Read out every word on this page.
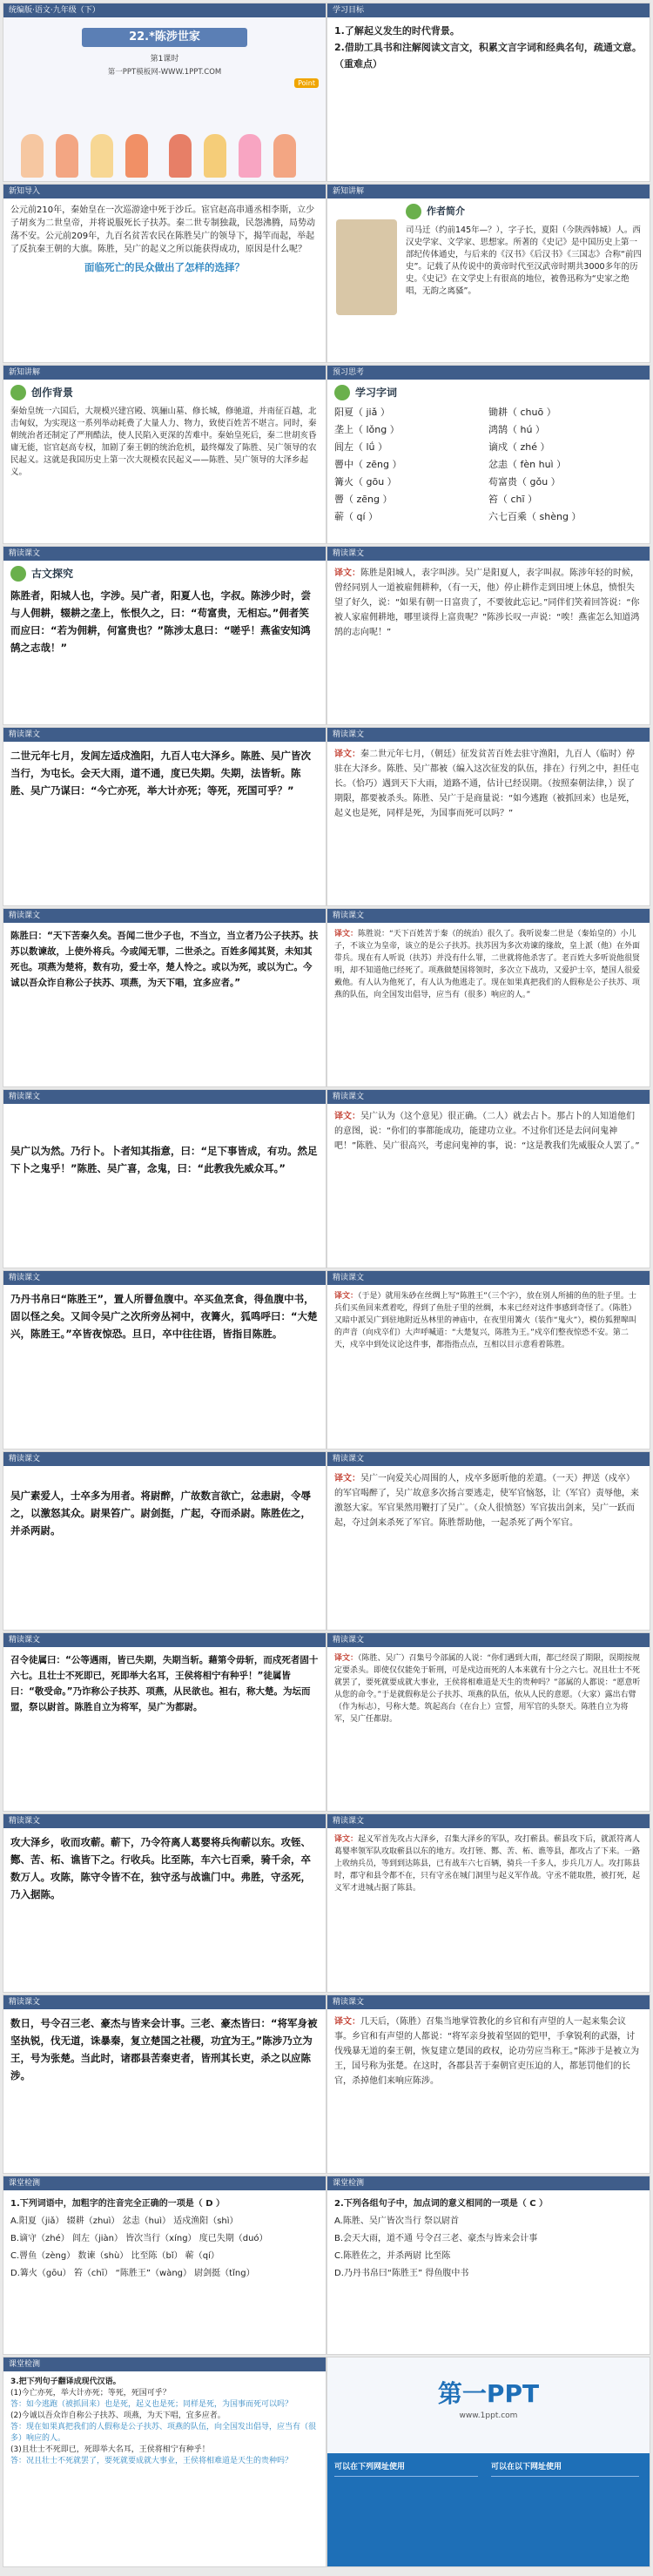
统编版·语文·九年级（下）
22.*陈涉世家
第1课时
第一PPT模板网-WWW.1PPT.COM
Point
学习目标

1.了解起义发生的时代背景。

2.借助工具书和注解阅读文言文，积累文言字词和经典名句，疏通文意。（重难点）

新知导入

公元前210年，秦始皇在一次巡游途中死于沙丘。宦官赵高串通丞相李斯，立少子胡亥为二世皇帝，并将说服死长子扶苏。秦二世专制独裁，民怨沸腾，局势动荡不安。公元前209年，九百名贫苦农民在陈胜吴广的领导下，揭竿而起，举起了反抗秦王朝的大旗。陈胜，吴广的起义之所以能获得成功，原因是什么呢？

面临死亡的民众做出了怎样的选择？

新知讲解
作者简介

司马迁（约前145年—？），字子长，夏阳（今陕西韩城）人。西汉史学家、文学家、思想家。所著的《史记》是中国历史上第一部纪传体通史，与后来的《汉书》《后汉书》《三国志》合称“前四史”。记载了从传说中的黄帝时代至汉武帝时期共3000多年的历史。《史记》在文学史上有很高的地位，被鲁迅称为“史家之绝唱，无韵之离骚”。

新知讲解
创作背景

秦始皇统一六国后，大规模兴建宫殿、筑骊山墓、修长城，修驰道，并南征百越，北击匈奴，为实现这一系列举动耗费了大量人力、物力，致使百姓苦不堪言。同时，秦朝统治者还制定了严刑酷法，使人民陷入更深的苦难中。秦始皇死后，秦二世胡亥昏庸无能，宦官赵高专权，加剧了秦王朝的统治危机，最终爆发了陈胜、吴广领导的农民起义。这就是我国历史上第一次大规模农民起义——陈胜、吴广领导的大泽乡起义。

预习思考
学习字词
阳夏（ jiǎ ）	锄耕（ chuō ）
垄上（ lǒng ）	鸿鹄（ hú ）
闾左（ lǘ ）	谪戍（ zhé ）
罾中（ zēng ）	忿恚（ fèn huì ）
篝火（ gōu ）	苟富贵（ gǒu ）
罾（ zēng ）	笞（ chī ）
蕲（ qí ）	六七百乘（ shèng ）
精读课文
古文探究

陈胜者，阳城人也，字涉。吴广者，阳夏人也，字叔。陈涉少时，尝与人佣耕，辍耕之垄上，怅恨久之，曰：“苟富贵，无相忘。”佣者笑而应曰：“若为佣耕，何富贵也？”陈涉太息曰：“嗟乎！燕雀安知鸿鹄之志哉！”

精读课文
译文：陈胜是阳城人，表字叫涉。吴广是阳夏人，表字叫叔。陈涉年轻的时候，曾经同别人一道被雇佣耕种，（有一天，他）停止耕作走到田埂上休息，愤恨失望了好久，说：“如果有朝一日富贵了，不要彼此忘记。”同伴们笑着回答说：“你被人家雇佣耕地，哪里谈得上富贵呢？”陈涉长叹一声说：“唉！燕雀怎么知道鸿鹄的志向呢！”
精读课文

二世元年七月，发闾左适戍渔阳，九百人屯大泽乡。陈胜、吴广皆次当行，为屯长。会天大雨，道不通，度已失期。失期，法皆斩。陈胜、吴广乃谋曰：“今亡亦死，举大计亦死；等死，死国可乎？”

精读课文
译文：秦二世元年七月，（朝廷）征发贫苦百姓去驻守渔阳，九百人（临时）停驻在大泽乡。陈胜、吴广都被（编入这次征发的队伍，排在）行列之中，担任屯长。（恰巧）遇到天下大雨，道路不通，估计已经误期。（按照秦朝法律，）误了期限，都要被杀头。陈胜、吴广于是商量说：“如今逃跑（被抓回来）也是死，起义也是死，同样是死，为国事而死可以吗？”
精读课文

陈胜曰：“天下苦秦久矣。吾闻二世少子也，不当立，当立者乃公子扶苏。扶苏以数谏故，上使外将兵。今或闻无罪，二世杀之。百姓多闻其贤，未知其死也。项燕为楚将，数有功，爱士卒，楚人怜之。或以为死，或以为亡。今诚以吾众诈自称公子扶苏、项燕，为天下唱，宜多应者。”

精读课文
译文：陈胜说：“天下百姓苦于秦（的统治）很久了。我听说秦二世是（秦始皇的）小儿子，不该立为皇帝，该立的是公子扶苏。扶苏因为多次劝谏的缘故，皇上派（他）在外面带兵。现在有人听说（扶苏）并没有什么罪，二世就将他杀害了。老百姓大多听说他很贤明，却不知道他已经死了。项燕做楚国将领时，多次立下战功，又爱护士卒，楚国人很爱戴他。有人认为他死了，有人认为他逃走了。现在如果真把我们的人假称是公子扶苏、项燕的队伍，向全国发出倡导，应当有（很多）响应的人。”
精读课文

吴广以为然。乃行卜。卜者知其指意，曰：“足下事皆成，有功。然足下卜之鬼乎！”陈胜、吴广喜，念鬼，曰：“此教我先威众耳。”

精读课文
译文：吴广认为（这个意见）很正确。（二人）就去占卜。那占卜的人知道他们的意图，说：“你们的事都能成功，能建功立业。不过你们还是去问问鬼神吧！”陈胜、吴广很高兴，考虑问鬼神的事，说：“这是教我们先威服众人罢了。”
精读课文

乃丹书帛曰“陈胜王”，置人所罾鱼腹中。卒买鱼烹食，得鱼腹中书，固以怪之矣。又间令吴广之次所旁丛祠中，夜篝火，狐鸣呼曰：“大楚兴，陈胜王。”卒皆夜惊恐。旦日，卒中往往语，皆指目陈胜。

精读课文
译文：（于是）就用朱砂在丝绸上写“陈胜王”（三个字），放在别人所捕的鱼的肚子里。士兵们买鱼回来煮着吃，得到了鱼肚子里的丝绸，本来已经对这件事感到奇怪了。（陈胜）又暗中派吴广到驻地附近丛林里的神庙中，在夜里用篝火（装作“鬼火”），模仿狐狸嗥叫的声音（向戍卒们）大声呼喊道：“大楚复兴，陈胜为王。”戍卒们整夜惊恐不安。第二天，戍卒中到处议论这件事，都指指点点，互相以目示意看着陈胜。
精读课文

吴广素爱人，士卒多为用者。将尉醉，广故数言欲亡，忿恚尉，令辱之，以激怒其众。尉果笞广。尉剑挺，广起，夺而杀尉。陈胜佐之，并杀两尉。

精读课文
译文：吴广一向爱关心周围的人，戍卒多愿听他的差遣。（一天）押送（戍卒）的军官喝醉了，吴广故意多次扬言要逃走，使军官恼怒，让（军官）责辱他，来激怒大家。军官果然用鞭打了吴广。（众人很愤怒）军官拔出剑来，吴广一跃而起，夺过剑来杀死了军官。陈胜帮助他，一起杀死了两个军官。
精读课文

召令徒属曰：“公等遇雨，皆已失期，失期当斩。藉第令毋斩，而戍死者固十六七。且壮士不死即已，死即举大名耳，王侯将相宁有种乎！”徒属皆曰：“敬受命。”乃诈称公子扶苏、项燕，从民欲也。袒右，称大楚。为坛而盟，祭以尉首。陈胜自立为将军，吴广为都尉。

精读课文
译文：（陈胜、吴广）召集号令部属的人说：“你们遇到大雨，都已经误了期限，误期按规定要杀头。即使仅仅能免于斩刑，可是戍边而死的人本来就有十分之六七。况且壮士不死就罢了，要死就要成就大事业，王侯将相难道是天生的贵种吗？”部属的人都说：“愿意听从您的命令。”于是就假称是公子扶苏、项燕的队伍，依从人民的意愿。（大家）露出右臂（作为标志），号称大楚。筑起高台（在台上）宣誓，用军官的头祭天。陈胜自立为将军，吴广任都尉。
精读课文

攻大泽乡，收而攻蕲。蕲下，乃令符离人葛婴将兵徇蕲以东。攻铚、酂、苦、柘、谯皆下之。行收兵。比至陈，车六七百乘，骑千余，卒数万人。攻陈，陈守令皆不在，独守丞与战谯门中。弗胜，守丞死，乃入据陈。

精读课文
译文：起义军首先攻占大泽乡，召集大泽乡的军队，攻打蕲县。蕲县攻下后，就派符离人葛婴率领军队攻取蕲县以东的地方。攻打铚、酂、苦、柘、谯等县，都攻占了下来。一路上收纳兵员，等到到达陈县，已有战车六七百辆，骑兵一千多人，步兵几万人。攻打陈县时，郡守和县令都不在，只有守丞在城门洞里与起义军作战。守丞不能取胜，被打死，起义军才进城占据了陈县。
精读课文

数日，号令召三老、豪杰与皆来会计事。三老、豪杰皆曰：“将军身被坚执锐，伐无道，诛暴秦，复立楚国之社稷，功宜为王。”陈涉乃立为王，号为张楚。当此时，诸郡县苦秦吏者，皆刑其长吏，杀之以应陈涉。

精读课文
译文：几天后，（陈胜）召集当地掌管教化的乡官和有声望的人一起来集会议事。乡官和有声望的人都说：“将军亲身披着坚固的铠甲，手拿锐利的武器，讨伐残暴无道的秦王朝，恢复建立楚国的政权，论功劳应当称王。”陈涉于是被立为王，国号称为张楚。在这时，各郡县苦于秦朝官吏压迫的人，都惩罚他们的长官，杀掉他们来响应陈涉。
课堂检测

1.下列词语中，加粗字的注音完全正确的一项是（ D ）

A.阳夏（jiǎ） 辍耕（zhuì） 忿恚（huì） 适戍渔阳（shì）

B.谪守（zhé） 闾左（jiàn） 皆次当行（xíng） 度已失期（duó）

C.罾鱼（zèng） 数谏（shù） 比至陈（bǐ） 蕲（qí）

D.篝火（gōu） 笞（chī） “陈胜王”（wàng） 尉剑挺（tǐng）

课堂检测

2.下列各组句子中，加点词的意义相同的一项是（ C ）

A.陈胜、吴广皆次当行 祭以尉首

B.会天大雨，道不通 号令召三老、豪杰与皆来会计事

C.陈胜佐之，并杀两尉 比至陈

D.乃丹书帛曰“陈胜王” 得鱼腹中书

课堂检测

3.把下列句子翻译成现代汉语。

(1)今亡亦死，举大计亦死；等死，死国可乎？

答：如今逃跑（被抓回来）也是死，起义也是死；同样是死，为国事而死可以吗？

(2)今诚以吾众诈自称公子扶苏、项燕，为天下唱，宜多应者。

答：现在如果真把我们的人假称是公子扶苏、项燕的队伍，向全国发出倡导，应当有（很多）响应的人。

(3)且壮士不死即已，死即举大名耳，王侯将相宁有种乎！

答：况且壮士不死就罢了，要死就要成就大事业，王侯将相难道是天生的贵种吗？

第一PPT
www.1ppt.com
可以在下列网址使用	可以在以下网址使用
